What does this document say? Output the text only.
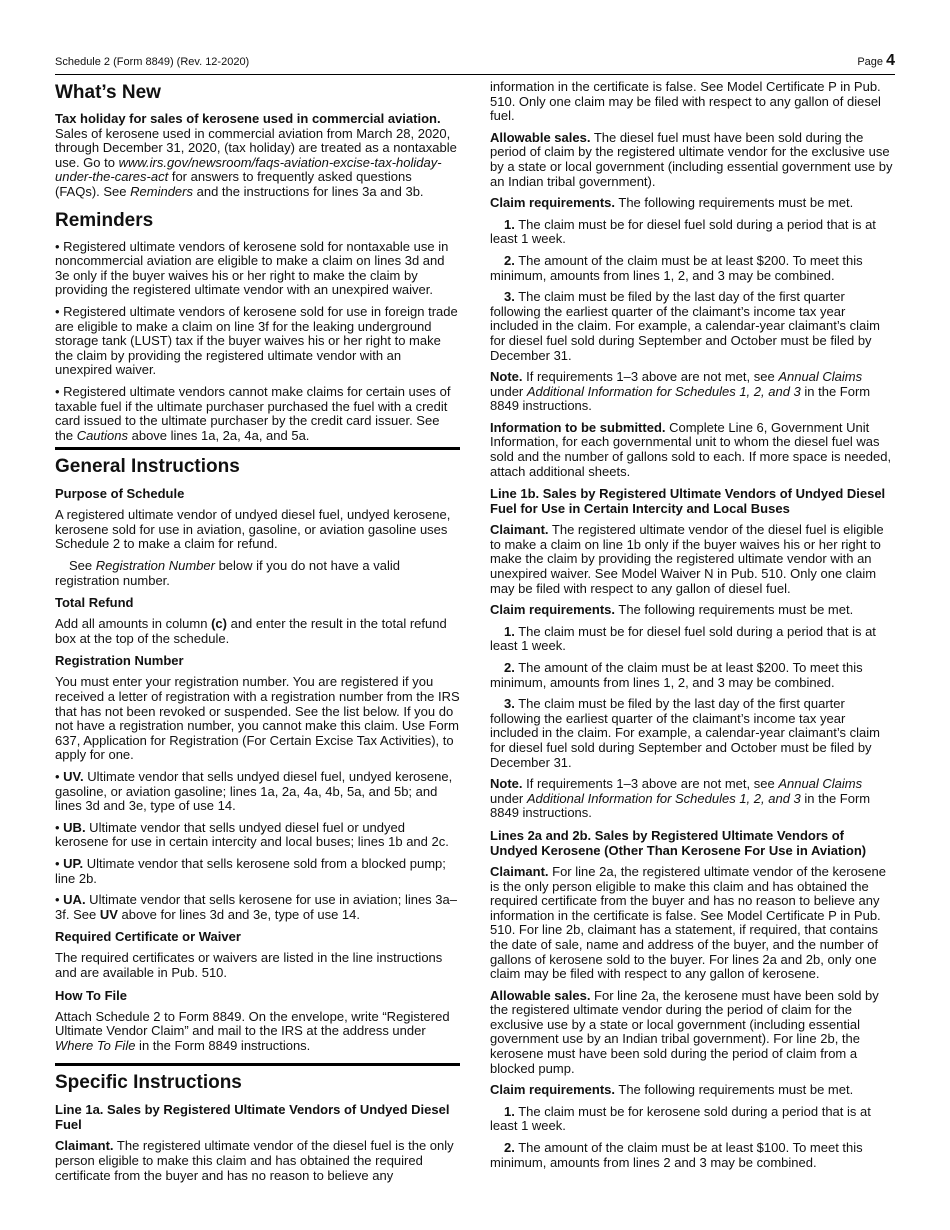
Schedule 2 (Form 8849) (Rev. 12-2020)	Page 4
What’s New

Tax holiday for sales of kerosene used in commercial aviation. Sales of kerosene used in commercial aviation from March 28, 2020, through December 31, 2020, (tax holiday) are treated as a nontaxable use. Go to www.irs.gov/newsroom/faqs-aviation-excise-tax-holiday-under-the-cares-act for answers to frequently asked questions (FAQs). See Reminders and the instructions for lines 3a and 3b.

Reminders

• Registered ultimate vendors of kerosene sold for nontaxable use in noncommercial aviation are eligible to make a claim on lines 3d and 3e only if the buyer waives his or her right to make the claim by providing the registered ultimate vendor with an unexpired waiver.

• Registered ultimate vendors of kerosene sold for use in foreign trade are eligible to make a claim on line 3f for the leaking underground storage tank (LUST) tax if the buyer waives his or her right to make the claim by providing the registered ultimate vendor with an unexpired waiver.

• Registered ultimate vendors cannot make claims for certain uses of taxable fuel if the ultimate purchaser purchased the fuel with a credit card issued to the ultimate purchaser by the credit card issuer. See the Cautions above lines 1a, 2a, 4a, and 5a.

General Instructions
Purpose of Schedule

A registered ultimate vendor of undyed diesel fuel, undyed kerosene, kerosene sold for use in aviation, gasoline, or aviation gasoline uses Schedule 2 to make a claim for refund.

See Registration Number below if you do not have a valid registration number.

Total Refund

Add all amounts in column (c) and enter the result in the total refund box at the top of the schedule.

Registration Number

You must enter your registration number. You are registered if you received a letter of registration with a registration number from the IRS that has not been revoked or suspended. See the list below. If you do not have a registration number, you cannot make this claim. Use Form 637, Application for Registration (For Certain Excise Tax Activities), to apply for one.

• UV. Ultimate vendor that sells undyed diesel fuel, undyed kerosene, gasoline, or aviation gasoline; lines 1a, 2a, 4a, 4b, 5a, and 5b; and lines 3d and 3e, type of use 14.

• UB. Ultimate vendor that sells undyed diesel fuel or undyed kerosene for use in certain intercity and local buses; lines 1b and 2c.

• UP. Ultimate vendor that sells kerosene sold from a blocked pump; line 2b.

• UA. Ultimate vendor that sells kerosene for use in aviation; lines 3a–3f. See UV above for lines 3d and 3e, type of use 14.

Required Certificate or Waiver

The required certificates or waivers are listed in the line instructions and are available in Pub. 510.

How To File

Attach Schedule 2 to Form 8849. On the envelope, write “Registered Ultimate Vendor Claim” and mail to the IRS at the address under Where To File in the Form 8849 instructions.

Specific Instructions
Line 1a. Sales by Registered Ultimate Vendors of Undyed Diesel Fuel

Claimant. The registered ultimate vendor of the diesel fuel is the only person eligible to make this claim and has obtained the required certificate from the buyer and has no reason to believe any

information in the certificate is false. See Model Certificate P in Pub. 510. Only one claim may be filed with respect to any gallon of diesel fuel.

Allowable sales. The diesel fuel must have been sold during the period of claim by the registered ultimate vendor for the exclusive use by a state or local government (including essential government use by an Indian tribal government).

Claim requirements. The following requirements must be met.

1. The claim must be for diesel fuel sold during a period that is at least 1 week.

2. The amount of the claim must be at least $200. To meet this minimum, amounts from lines 1, 2, and 3 may be combined.

3. The claim must be filed by the last day of the first quarter following the earliest quarter of the claimant’s income tax year included in the claim. For example, a calendar-year claimant’s claim for diesel fuel sold during September and October must be filed by December 31.

Note. If requirements 1–3 above are not met, see Annual Claims under Additional Information for Schedules 1, 2, and 3 in the Form 8849 instructions.

Information to be submitted. Complete Line 6, Government Unit Information, for each governmental unit to whom the diesel fuel was sold and the number of gallons sold to each. If more space is needed, attach additional sheets.

Line 1b. Sales by Registered Ultimate Vendors of Undyed Diesel Fuel for Use in Certain Intercity and Local Buses

Claimant. The registered ultimate vendor of the diesel fuel is eligible to make a claim on line 1b only if the buyer waives his or her right to make the claim by providing the registered ultimate vendor with an unexpired waiver. See Model Waiver N in Pub. 510. Only one claim may be filed with respect to any gallon of diesel fuel.

Claim requirements. The following requirements must be met.

1. The claim must be for diesel fuel sold during a period that is at least 1 week.

2. The amount of the claim must be at least $200. To meet this minimum, amounts from lines 1, 2, and 3 may be combined.

3. The claim must be filed by the last day of the first quarter following the earliest quarter of the claimant’s income tax year included in the claim. For example, a calendar-year claimant’s claim for diesel fuel sold during September and October must be filed by December 31.

Note. If requirements 1–3 above are not met, see Annual Claims under Additional Information for Schedules 1, 2, and 3 in the Form 8849 instructions.

Lines 2a and 2b. Sales by Registered Ultimate Vendors of Undyed Kerosene (Other Than Kerosene For Use in Aviation)

Claimant. For line 2a, the registered ultimate vendor of the kerosene is the only person eligible to make this claim and has obtained the required certificate from the buyer and has no reason to believe any information in the certificate is false. See Model Certificate P in Pub. 510. For line 2b, claimant has a statement, if required, that contains the date of sale, name and address of the buyer, and the number of gallons of kerosene sold to the buyer. For lines 2a and 2b, only one claim may be filed with respect to any gallon of kerosene.

Allowable sales. For line 2a, the kerosene must have been sold by the registered ultimate vendor during the period of claim for the exclusive use by a state or local government (including essential government use by an Indian tribal government). For line 2b, the kerosene must have been sold during the period of claim from a blocked pump.

Claim requirements. The following requirements must be met.

1. The claim must be for kerosene sold during a period that is at least 1 week.

2. The amount of the claim must be at least $100. To meet this minimum, amounts from lines 2 and 3 may be combined.
